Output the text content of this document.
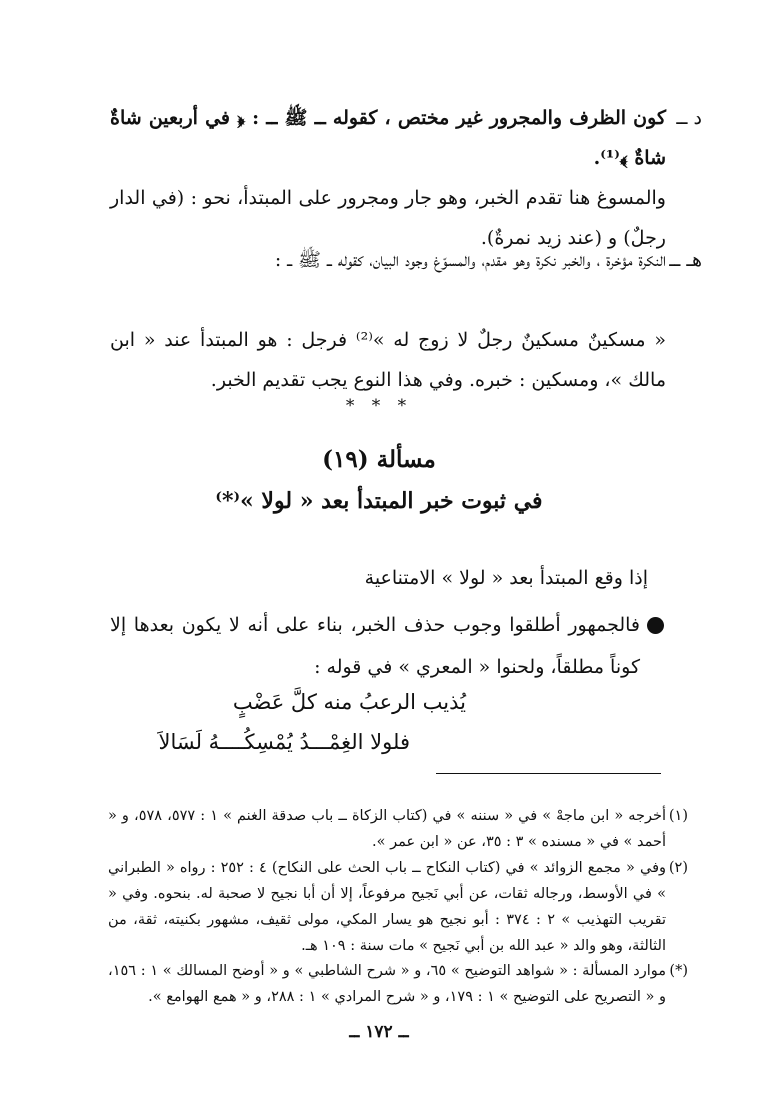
د ــ
كون الظرف والمجرور غير مختص ، كقوله ــ ﷺ ــ : ﴿ في أربعين شاةٌ شاةٌ ﴾⁽¹⁾.
والمسوغ هنا تقدم الخبر، وهو جار ومجرور على المبتدأ، نحو : (في الدار رجلٌ) و (عند زيد نمرةٌ).
هـ ــ
النكرة مؤخرة ، والخبر نكرة وهو مقدم، والمسوّغ وجود البيان، كقوله ــ ﷺ ــ :
« مسكينٌ مسكينٌ رجلٌ لا زوج له »⁽²⁾ فرجل : هو المبتدأ عند « ابن مالك »، ومسكين : خبره. وفي هذا النوع يجب تقديم الخبر.
* * *
مسألة (١٩)
في ثبوت خبر المبتدأ بعد « لولا »⁽*⁾
إذا وقع المبتدأ بعد « لولا » الامتناعية
فالجمهور أطلقوا وجوب حذف الخبر، بناء على أنه لا يكون بعدها إلا كوناً مطلقاً، ولحنوا « المعري » في قوله :
يُذيب الرعبُ منه كلَّ عَضْبٍ
فلولا الغِمْـــدُ يُمْسِكُــــهُ لَسَالاَ
(١)
أخرجه « ابن ماجهْ » في « سننه » في (كتاب الزكاة ــ باب صدقة الغنم » ١ : ٥٧٧، ٥٧٨، و « أحمد » في « مسنده » ٣ : ٣٥، عن « ابن عمر ».
(٢)
وفي « مجمع الزوائد » في (كتاب النكاح ــ باب الحث على النكاح) ٤ : ٢٥٢ : رواه « الطبراني » في الأوسط، ورجاله ثقات، عن أبي نَجيح مرفوعاً، إلا أن أبا نجيح لا صحبة له. بنحوه. وفي « تقريب التهذيب » ٢ : ٣٧٤ : أبو نجيح هو يسار المكي، مولى ثقيف، مشهور بكنيته، ثقة، من الثالثة، وهو والد « عبد الله بن أبي نَجيح » مات سنة : ١٠٩ هـ.
(*)
موارد المسألة : « شواهد التوضيح » ٦٥، و « شرح الشاطبي » و « أوضح المسالك » ١ : ١٥٦، و « التصريح على التوضيح » ١ : ١٧٩، و « شرح المرادي » ١ : ٢٨٨، و « همع الهوامع ».
ــ ١٧٢ ــ
